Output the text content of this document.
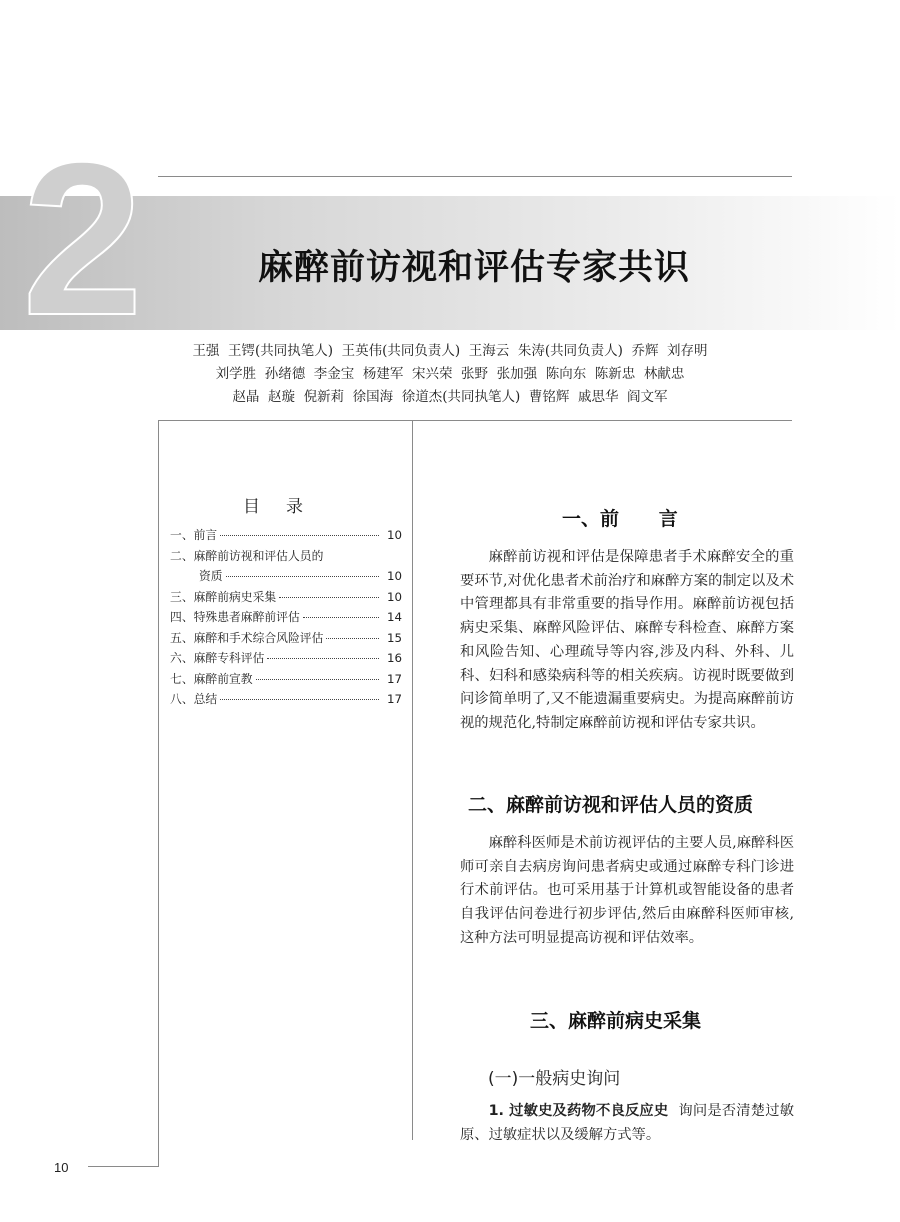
2	麻醉前访视和评估专家共识
王强  王锷(共同执笔人)  王英伟(共同负责人)  王海云  朱涛(共同负责人)  乔辉  刘存明
刘学胜  孙绪德  李金宝  杨建军  宋兴荣  张野  张加强  陈向东  陈新忠  林献忠
赵晶  赵璇  倪新莉  徐国海  徐道杰(共同执笔人)  曹铭辉  戚思华  阎文军
目录
一、前言	10
二、麻醉前访视和评估人员的
资质	10
三、麻醉前病史采集	10
四、特殊患者麻醉前评估	14
五、麻醉和手术综合风险评估	15
六、麻醉专科评估	16
七、麻醉前宣教	17
八、总结	17
一、前      言
麻醉前访视和评估是保障患者手术麻醉安全的重要环节,对优化患者术前治疗和麻醉方案的制定以及术中管理都具有非常重要的指导作用。麻醉前访视包括病史采集、麻醉风险评估、麻醉专科检查、麻醉方案和风险告知、心理疏导等内容,涉及内科、外科、儿科、妇科和感染病科等的相关疾病。访视时既要做到问诊简单明了,又不能遗漏重要病史。为提高麻醉前访视的规范化,特制定麻醉前访视和评估专家共识。
二、麻醉前访视和评估人员的资质
麻醉科医师是术前访视评估的主要人员,麻醉科医师可亲自去病房询问患者病史或通过麻醉专科门诊进行术前评估。也可采用基于计算机或智能设备的患者自我评估问卷进行初步评估,然后由麻醉科医师审核,这种方法可明显提高访视和评估效率。
三、麻醉前病史采集
(一)一般病史询问
1. 过敏史及药物不良反应史 询问是否清楚过敏原、过敏症状以及缓解方式等。
10
